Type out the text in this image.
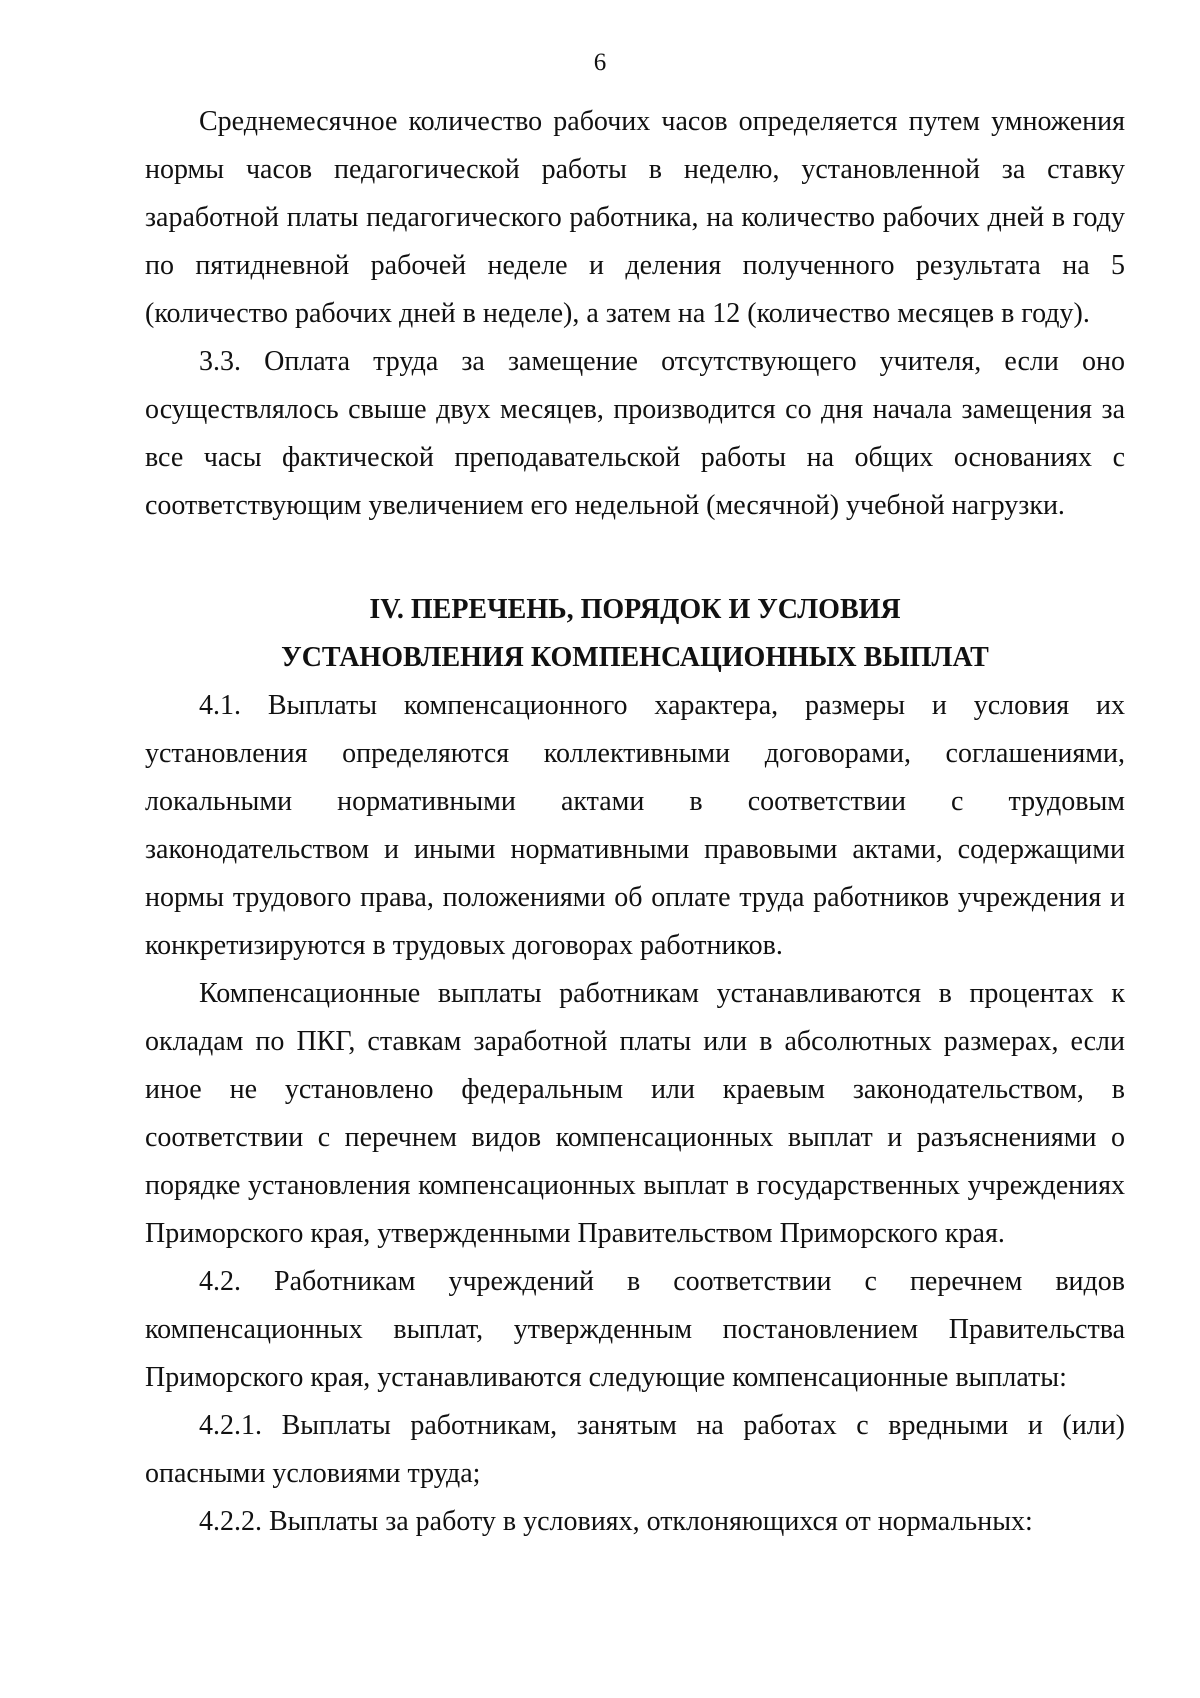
6

Среднемесячное количество рабочих часов определяется путем умножения нормы часов педагогической работы в неделю, установленной за ставку заработной платы педагогического работника, на количество рабочих дней в году по пятидневной рабочей неделе и деления полученного результата на 5 (количество рабочих дней в неделе), а затем на 12 (количество месяцев в году).

3.3. Оплата труда за замещение отсутствующего учителя, если оно осуществлялось свыше двух месяцев, производится со дня начала замещения за все часы фактической преподавательской работы на общих основаниях с соответствующим увеличением его недельной (месячной) учебной нагрузки.

IV. ПЕРЕЧЕНЬ, ПОРЯДОК И УСЛОВИЯ

УСТАНОВЛЕНИЯ КОМПЕНСАЦИОННЫХ ВЫПЛАТ

4.1. Выплаты компенсационного характера, размеры и условия их установления определяются коллективными договорами, соглашениями, локальными нормативными актами в соответствии с трудовым законодательством и иными нормативными правовыми актами, содержащими нормы трудового права, положениями об оплате труда работников учреждения и конкретизируются в трудовых договорах работников.

Компенсационные выплаты работникам устанавливаются в процентах к окладам по ПКГ, ставкам заработной платы или в абсолютных размерах, если иное не установлено федеральным или краевым законодательством, в соответствии с перечнем видов компенсационных выплат и разъяснениями о порядке установления компенсационных выплат в государственных учреждениях Приморского края, утвержденными Правительством Приморского края.

4.2. Работникам учреждений в соответствии с перечнем видов компенсационных выплат, утвержденным постановлением Правительства Приморского края, устанавливаются следующие компенсационные выплаты:

4.2.1. Выплаты работникам, занятым на работах с вредными и (или) опасными условиями труда;

4.2.2. Выплаты за работу в условиях, отклоняющихся от нормальных:
